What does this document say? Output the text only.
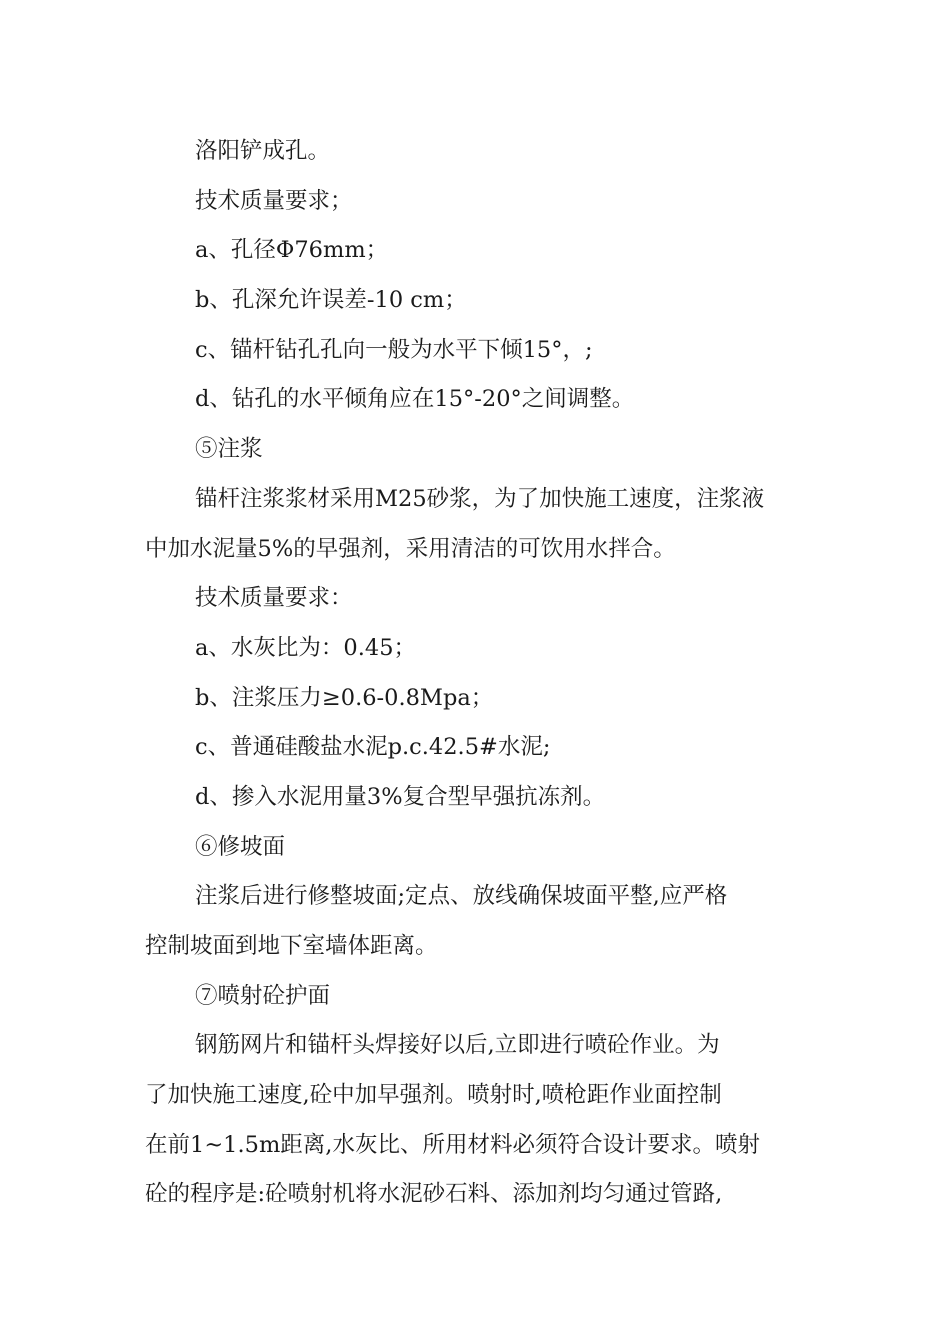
洛阳铲成孔。
技术质量要求；
a、孔径Φ76mm；
b、孔深允许误差-10 cm；
c、锚杆钻孔孔向一般为水平下倾15°，;
d、钻孔的水平倾角应在15°-20°之间调整。
⑤注浆
锚杆注浆浆材采用M25砂浆，为了加快施工速度，注浆液
中加水泥量5%的早强剂，采用清洁的可饮用水拌合。
技术质量要求：
a、水灰比为：0.45；
b、注浆压力≥0.6-0.8Mpa；
c、普通硅酸盐水泥p.c.42.5#水泥;
d、掺入水泥用量3%复合型早强抗冻剂。
⑥修坡面
注浆后进行修整坡面;定点、放线确保坡面平整,应严格
控制坡面到地下室墙体距离。
⑦喷射砼护面
钢筋网片和锚杆头焊接好以后,立即进行喷砼作业。为
了加快施工速度,砼中加早强剂。喷射时,喷枪距作业面控制
在前1~1.5m距离,水灰比、所用材料必须符合设计要求。喷射
砼的程序是:砼喷射机将水泥砂石料、添加剂均匀通过管路,
